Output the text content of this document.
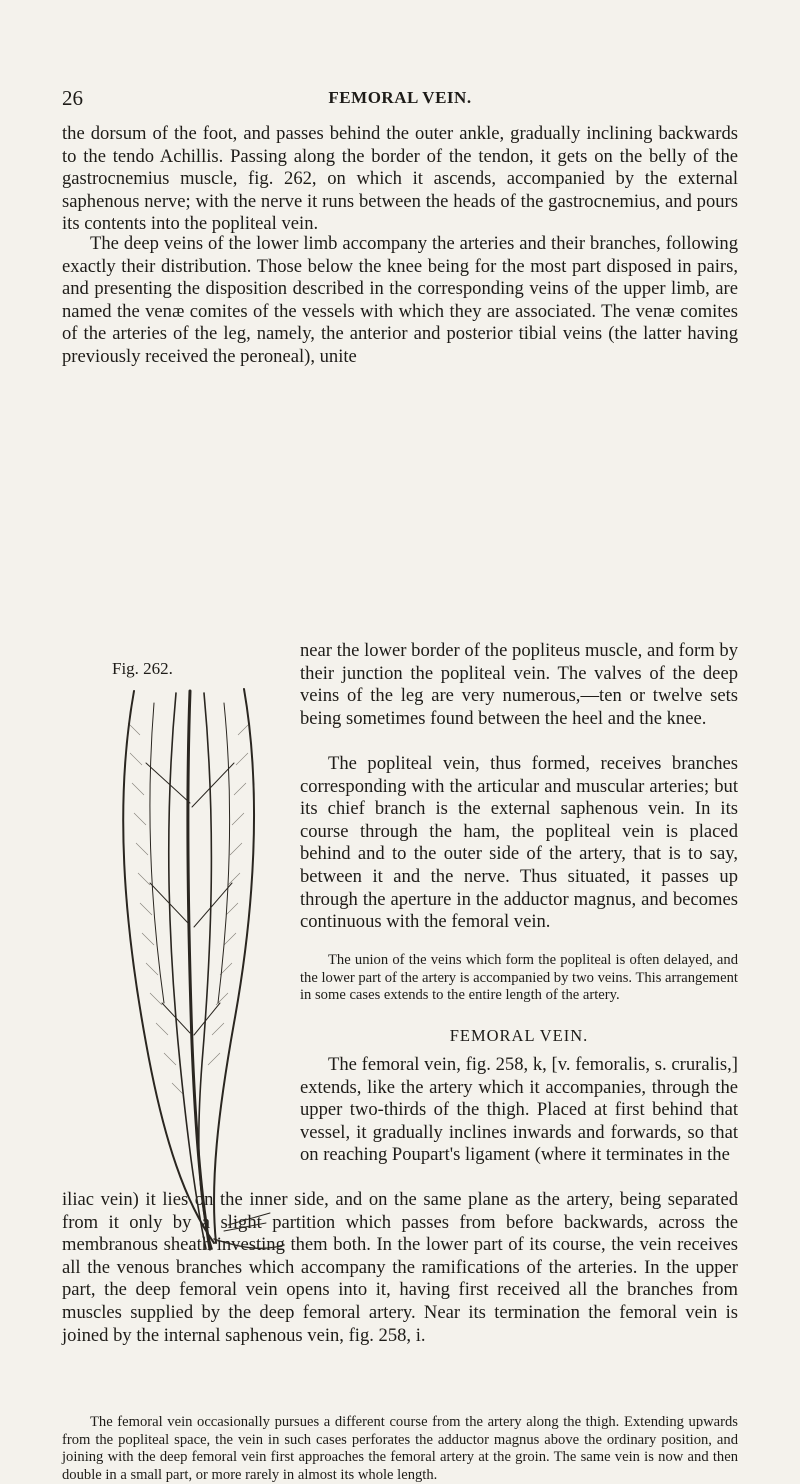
26	FEMORAL VEIN.

the dorsum of the foot, and passes behind the outer ankle, gradually inclining backwards to the tendo Achillis. Passing along the border of the tendon, it gets on the belly of the gastrocnemius muscle, fig. 262, on which it ascends, accompanied by the external saphenous nerve; with the nerve it runs between the heads of the gastrocnemius, and pours its contents into the popliteal vein.

The deep veins of the lower limb accompany the arteries and their branches, following exactly their distribution. Those below the knee being for the most part disposed in pairs, and presenting the disposition described in the corresponding veins of the upper limb, are named the venæ comites of the vessels with which they are associated. The venæ comites of the arteries of the leg, namely, the anterior and posterior tibial veins (the latter having previously received the peroneal), unite

near the lower border of the popliteus muscle, and form by their junction the popliteal vein. The valves of the deep veins of the leg are very numerous,—ten or twelve sets being sometimes found between the heel and the knee.

The popliteal vein, thus formed, receives branches corresponding with the articular and muscular arteries; but its chief branch is the external saphenous vein. In its course through the ham, the popliteal vein is placed behind and to the outer side of the artery, that is to say, between it and the nerve. Thus situated, it passes up through the aperture in the adductor magnus, and becomes continuous with the femoral vein.

The union of the veins which form the popliteal is often delayed, and the lower part of the artery is accompanied by two veins. This arrangement in some cases extends to the entire length of the artery.

FEMORAL VEIN.

The femoral vein, fig. 258, k, [v. femoralis, s. cruralis,] extends, like the artery which it accompanies, through the upper two-thirds of the thigh. Placed at first behind that vessel, it gradually inclines inwards and forwards, so that on reaching Poupart's ligament (where it terminates in the

iliac vein) it lies on the inner side, and on the same plane as the artery, being separated from it only by a slight partition which passes from before backwards, across the membranous sheath investing them both. In the lower part of its course, the vein receives all the venous branches which accompany the ramifications of the arteries. In the upper part, the deep femoral vein opens into it, having first received all the branches from muscles supplied by the deep femoral artery. Near its termination the femoral vein is joined by the internal saphenous vein, fig. 258, i.

The femoral vein occasionally pursues a different course from the artery along the thigh. Extending upwards from the popliteal space, the vein in such cases perforates the adductor magnus above the ordinary position, and joining with the deep femoral vein first approaches the femoral artery at the groin. The same vein is now and then double in a small part, or more rarely in almost its whole length.

Fig. 262.
